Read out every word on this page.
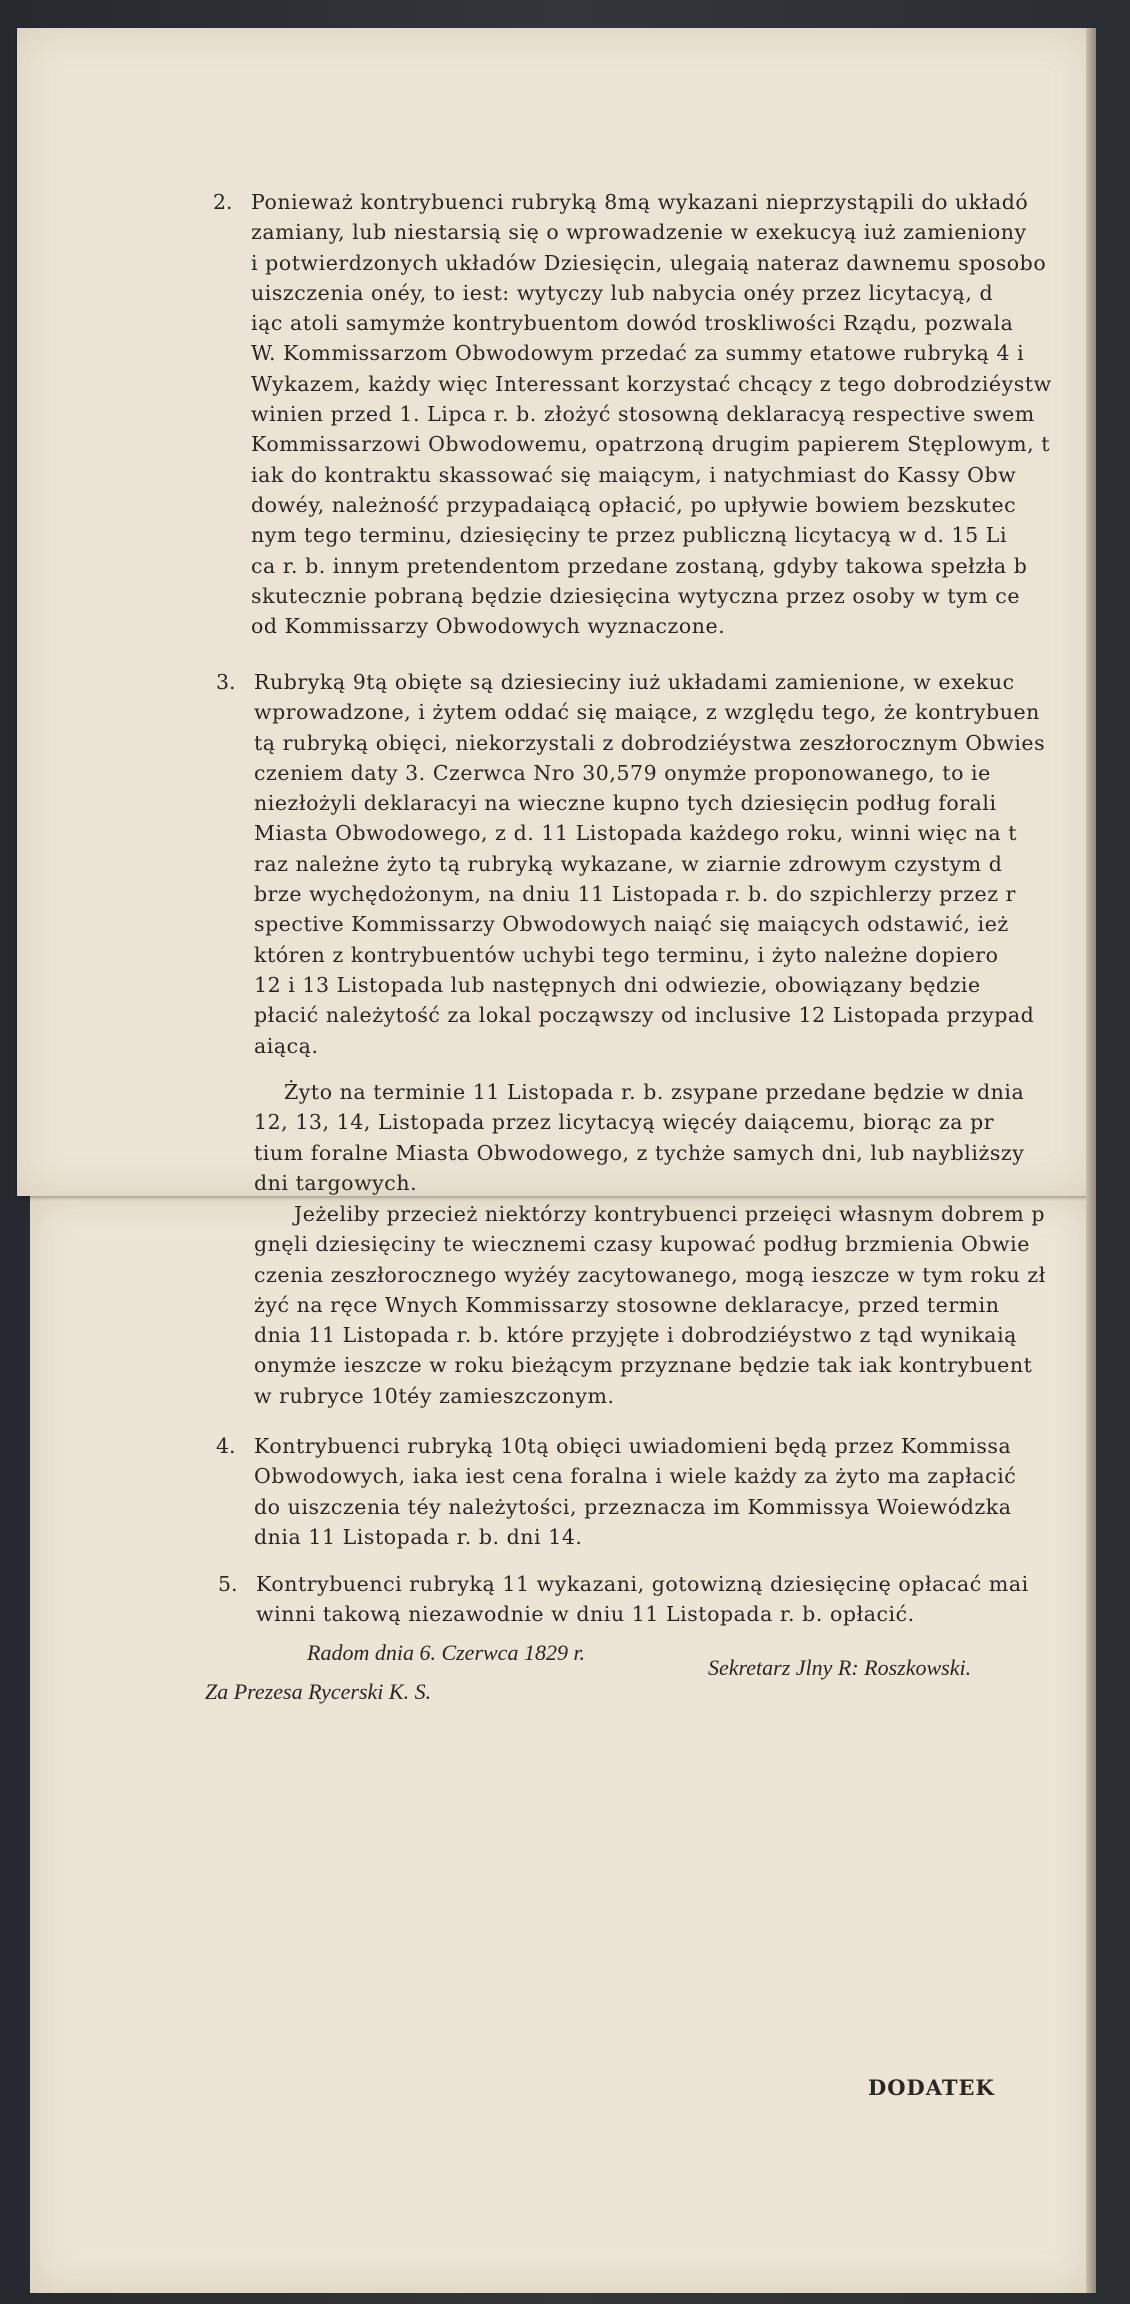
2. Ponieważ kontrybuenci rubryką 8mą wykazani nieprzystąpili do układó
zamiany, lub niestarsią się o wprowadzenie w exekucyą iuż zamieniony
i potwierdzonych układów Dziesięcin, ulegaią nateraz dawnemu sposobo
uiszczenia onéy, to iest: wytyczy lub nabycia onéy przez licytacyą, d
iąc atoli samymże kontrybuentom dowód troskliwości Rządu, pozwala
W. Kommissarzom Obwodowym przedać za summy etatowe rubryką 4 i
Wykazem, każdy więc Interessant korzystać chcący z tego dobrodziéystw
winien przed 1. Lipca r. b. złożyć stosowną deklaracyą respective swem
Kommissarzowi Obwodowemu, opatrzoną drugim papierem Stęplowym, t
iak do kontraktu skassować się maiącym, i natychmiast do Kassy Obw
dowéy, należność przypadaiącą opłacić, po upływie bowiem bezskutec
nym tego terminu, dziesięciny te przez publiczną licytacyą w d. 15 Li
ca r. b. innym pretendentom przedane zostaną, gdyby takowa spełzła b
skutecznie pobraną będzie dziesięcina wytyczna przez osoby w tym ce
od Kommissarzy Obwodowych wyznaczone.
3. Rubryką 9tą obięte są dziesieciny iuż układami zamienione, w exekuc
wprowadzone, i żytem oddać się maiące, z względu tego, że kontrybuen
tą rubryką obięci, niekorzystali z dobrodziéystwa zeszłorocznym Obwies
czeniem daty 3. Czerwca Nro 30,579 onymże proponowanego, to ie
niezłożyli deklaracyi na wieczne kupno tych dziesięcin podług forali
Miasta Obwodowego, z d. 11 Listopada każdego roku, winni więc na t
raz należne żyto tą rubryką wykazane, w ziarnie zdrowym czystym d
brze wychędożonym, na dniu 11 Listopada r. b. do szpichlerzy przez r
spective Kommissarzy Obwodowych naiąć się maiących odstawić, ież
któren z kontrybuentów uchybi tego terminu, i żyto należne dopiero
12 i 13 Listopada lub następnych dni odwiezie, obowiązany będzie
płacić należytość za lokal począwszy od inclusive 12 Listopada przypad
aiącą.
Żyto na terminie 11 Listopada r. b. zsypane przedane będzie w dnia
12, 13, 14, Listopada przez licytacyą więcéy daiącemu, biorąc za pr
tium foralne Miasta Obwodowego, z tychże samych dni, lub naybliższy
dni targowych.
Jeżeliby przecież niektórzy kontrybuenci przeięci własnym dobrem p
gnęli dziesięciny te wiecznemi czasy kupować podług brzmienia Obwie
czenia zeszłorocznego wyżéy zacytowanego, mogą ieszcze w tym roku zł
żyć na ręce Wnych Kommissarzy stosowne deklaracye, przed termin
dnia 11 Listopada r. b. które przyjęte i dobrodziéystwo z tąd wynikaią
onymże ieszcze w roku bieżącym przyznane będzie tak iak kontrybuent
w rubryce 10téy zamieszczonym.
4. Kontrybuenci rubryką 10tą obięci uwiadomieni będą przez Kommissa
Obwodowych, iaka iest cena foralna i wiele każdy za żyto ma zapłacić
do uiszczenia téy należytości, przeznacza im Kommissya Woiewódzka
dnia 11 Listopada r. b. dni 14.
5. Kontrybuenci rubryką 11 wykazani, gotowizną dziesięcinę opłacać mai
winni takową niezawodnie w dniu 11 Listopada r. b. opłacić.
Radom dnia 6. Czerwca 1829 r.
Za Prezesa Rycerski K. S.
Sekretarz Jlny R: Roszkowski.
DODATEK
